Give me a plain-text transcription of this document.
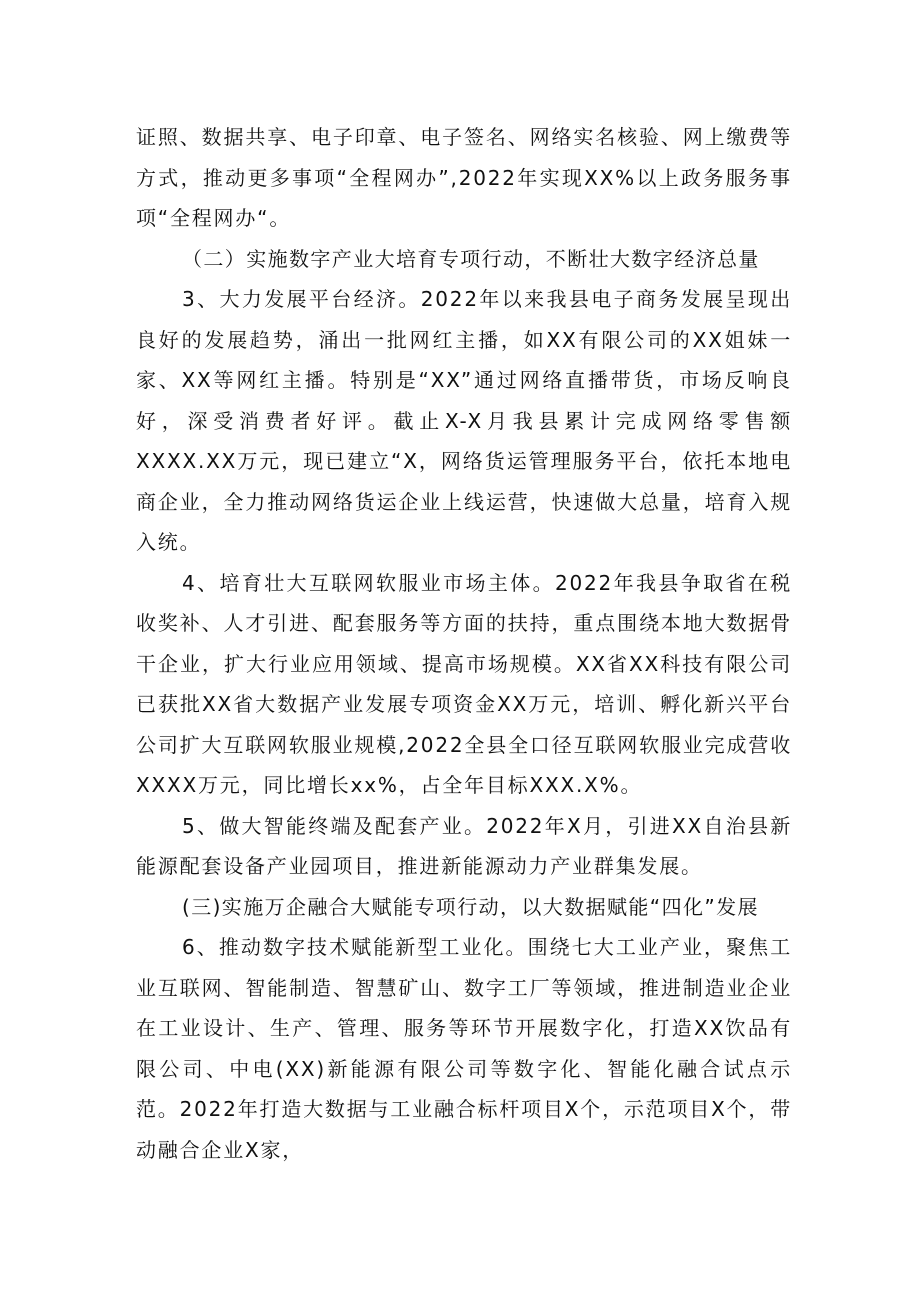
证照、数据共享、电子印章、电子签名、网络实名核验、网上缴费等方式，推动更多事项“全程网办”,2022年实现XX%以上政务服务事项“全程网办“。

（二）实施数字产业大培育专项行动，不断壮大数字经济总量

3、大力发展平台经济。2022年以来我县电子商务发展呈现出良好的发展趋势，涌出一批网红主播，如XX有限公司的XX姐妹一家、XX等网红主播。特别是“XX”通过网络直播带货，市场反响良好，深受消费者好评。截止X-X月我县累计完成网络零售额XXXX.XX万元，现已建立“X，网络货运管理服务平台，依托本地电商企业，全力推动网络货运企业上线运营，快速做大总量，培育入规入统。

4、培育壮大互联网软服业市场主体。2022年我县争取省在税收奖补、人才引进、配套服务等方面的扶持，重点围绕本地大数据骨干企业，扩大行业应用领域、提高市场规模。XX省XX科技有限公司已获批XX省大数据产业发展专项资金XX万元，培训、孵化新兴平台公司扩大互联网软服业规模,2022全县全口径互联网软服业完成营收XXXX万元，同比增长xx%，占全年目标XXX.X%。

5、做大智能终端及配套产业。2022年X月，引进XX自治县新能源配套设备产业园项目，推进新能源动力产业群集发展。

(三)实施万企融合大赋能专项行动，以大数据赋能“四化”发展

6、推动数字技术赋能新型工业化。围绕七大工业产业，聚焦工业互联网、智能制造、智慧矿山、数字工厂等领域，推进制造业企业在工业设计、生产、管理、服务等环节开展数字化，打造XX饮品有限公司、中电(XX)新能源有限公司等数字化、智能化融合试点示范。2022年打造大数据与工业融合标杆项目X个，示范项目X个，带动融合企业X家，
